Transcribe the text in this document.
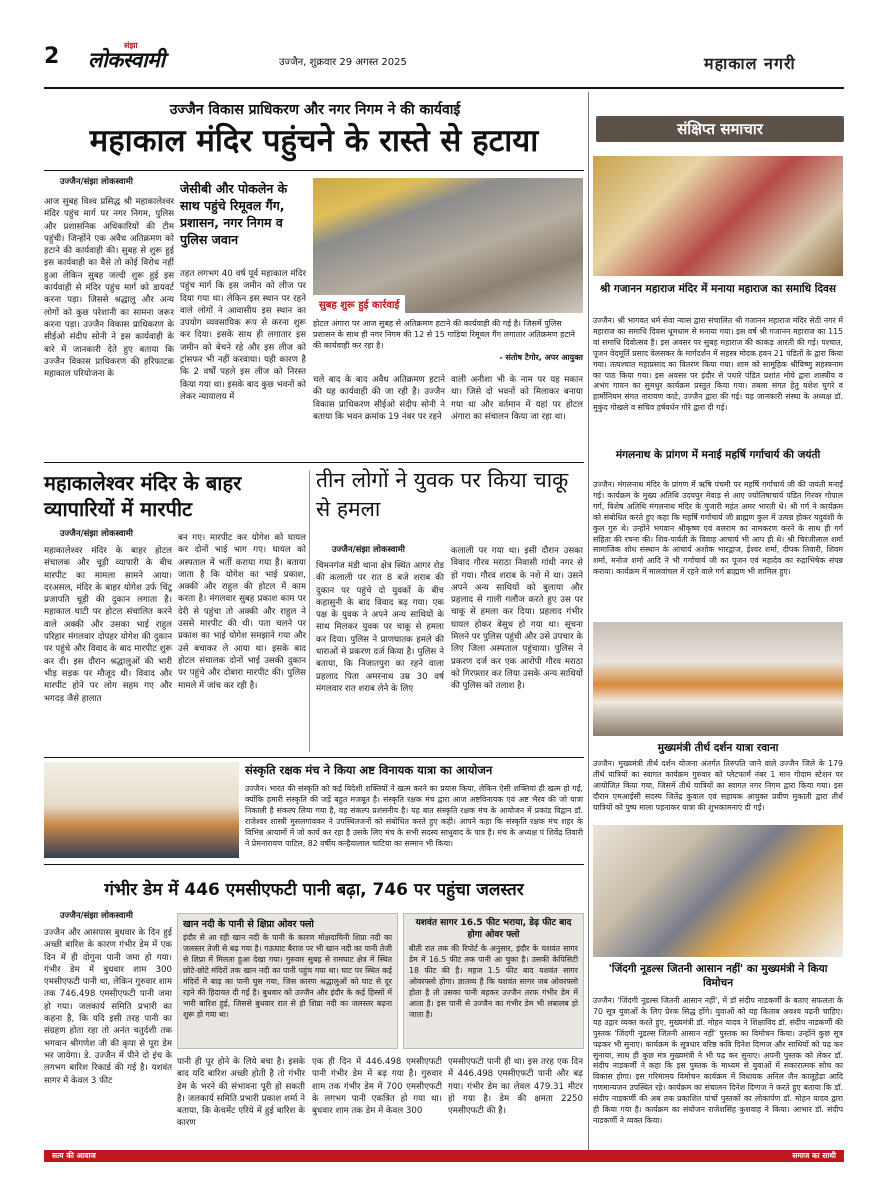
2	संझा
लोकस्वामी	उज्जैन, शुक्रवार 29 अगस्त 2025	महाकाल नगरी
उज्जैन विकास प्राधिकरण और नगर निगम ने की कार्यवाई
महाकाल मंदिर पहुंचने के रास्ते से हटाया
उज्जैन/संझा लोकस्वामी
आज सुबह विश्व प्रसिद्ध श्री महाकालेश्वर मंदिर पहुंच मार्ग पर नगर निगम, पुलिस और प्रशासनिक अधिकारियों की टीम पहुंची। जिन्होंने एक अवैध अतिक्रमण को हटाने की कार्यवाही की। सुबह से शुरू हुई इस कार्यवाही का वैसे तो कोई विरोध नहीं हुआ लेकिन सुबह जल्दी शुरू हुई इस कार्यवाही से मंदिर पहुंच मार्ग को डायवर्ट करना पड़ा। जिससे श्रद्धालु और अन्य लोगों को कुछ परेशानी का सामना जरूर करना पड़ा। उज्जैन विकास प्राधिकरण के सीईओ संदीप सोनी ने इस कार्यवाही के बारे में जानकारी देते हुए बताया कि उज्जैन विकास प्राधिकरण की हरिफाटक महाकाल परियोजना के
जेसीबी और पोकलेन के साथ पहुंचे रिमूवल गैंग, प्रशासन, नगर निगम व पुलिस जवान
तहत लगभग 40 वर्ष पूर्व महाकाल मंदिर पहुंच मार्ग कि इस जमीन को लीज पर दिया गया था। लेकिन इस स्थान पर रहने वाले लोगों ने आवासीय इस स्थान का उपयोग व्यवसायिक रूप से करना शुरू कर दिया। इसके साथ ही लगातार इस जमीन को बेचने रहे और इस लीज को ट्रांसफर भी नहीं करवाया। यही कारण है कि 2 वर्षों पहले इस लीज को निरस्त किया गया था। इसके बाद कुछ भवनों को लेकर न्यायालय में
सुबह शुरू हुई कार्रवाई
होटल अंगारा पर आज सुबह से अतिक्रमण हटाने की कार्यवाही की गई है। जिसमें पुलिस प्रशासन के साथ ही नगर निगम की 12 से 15 गाड़ियां रिमूवल गैंग लगातार अतिक्रमण हटाने की कार्यवाही कर रहा है।
- संतोष टैगोर, अपर आयुक्त
चले बाद के बाद अवैध अतिक्रमण हटाने की यह कार्यवाही की जा रही है। उज्जैन विकास प्राधिकरण सीईओ संदीप सोनी ने बताया कि भवन क्रमांक 19 नंबर पर रहने
वाली अनीशा भी के नाम पर यह मकान था। जिसे दो भवनों को मिलाकर बनाया गया था और वर्तमान में यहां पर होटल अंगारा का संचालन किया जा रहा था।
महाकालेश्वर मंदिर के बाहर व्यापारियों में मारपीट
उज्जैन/संझा लोकस्वामी
महाकालेश्वर मंदिर के बाहर होटल संचालक और चूड़ी व्यापारी के बीच मारपीट का मामला सामने आया। दरअसल, मंदिर के बाहर योगेश उर्फ चिंटू प्रजापति चूड़ी की दुकान लगाता है। महाकाल घाटी पर होटल संचालित करने वाले अक्की और उसका भाई राहुल परिहार मंगलवार दोपहर योगेश की दुकान पर पहुंचे और विवाद के बाद मारपीट शुरू कर दी। इस दौरान श्रद्धालुओं की भारी भीड़ सड़क पर मौजूद थी। विवाद और मारपीट होने पर लोग सहम गए और भगदड़ जैसे हालात
बन गए। मारपीट कर योगेश को घायल कर दोनों भाई भाग गए। घायल को अस्पताल में भर्ती कराया गया है। बताया जाता है कि योगेश का भाई प्रकाश, अक्की और राहुल की होटल में काम करता है। मंगलवार सुबह प्रकाश काम पर देरी से पहुंचा तो अक्की और राहुल ने उससे मारपीट की थी। पता चलने पर प्रकाश का भाई योगेश समझाने गया और उसे बचाकर ले आया था। इसके बाद होटल संचालक दोनों भाई उसकी दुकान पर पहुंचे और दोबारा मारपीट की। पुलिस मामले में जांच कर रही है।
तीन लोगों ने युवक पर किया चाकू से हमला
उज्जैन/संझा लोकस्वामी
चिमनगंज मंडी थाना क्षेत्र स्थित आगर रोड की कलाली पर रात 8 बजे शराब की दुकान पर पहुंचे दो युवकों के बीच कहासुनी के बाद विवाद बढ़ गया। एक पक्ष के युवक ने अपने अन्य साथियों के साथ मिलकर युवक पर चाकू से हमला कर दिया। पुलिस ने प्राणघातक हमले की धाराओं में प्रकरण दर्ज किया है। पुलिस ने बताया, कि निजातपुरा का रहने वाला प्रहलाद पिता अमरनाथ उम्र 30 वर्ष मंगलवार रात शराब लेने के लिए
कलाली पर गया था। इसी दौरान उसका विवाद गौरव मराठा निवासी गांधी नगर से हो गया। गौरव शराब के नशे में था। उसने अपने अन्य साथियों को बुलाया और प्रहलाद से गाली गलौज करते हुए उस पर चाकू से हमला कर दिया। प्रहलाद गंभीर घायल होकर बेसुध हो गया था। सूचना मिलने पर पुलिस पहुंची और उसे उपचार के लिए जिला अस्पताल पहुंचाया। पुलिस ने प्रकरण दर्ज कर एक आरोपी गौरव मराठा को गिरफ्तार कर लिया उसके अन्य साथियों की पुलिस को तलाश है।
संस्कृति रक्षक मंच ने किया अष्ट विनायक यात्रा का आयोजन
उज्जैन। भारत की संस्कृति को कई विदेशी शक्तियों ने खत्म करने का प्रयास किया, लेकिन ऐसी शक्तियां ही खत्म हो गईं, क्योंकि हमारी संस्कृति की जड़ें बहुत मजबूत है। संस्कृति रक्षक मंच द्वारा आज अष्टविनायक एवं अष्ट भैरव की जो यात्रा निकाली है संकल्प लिया गया है, वह संकल्प प्रशंसनीय है। यह बात संस्कृति रक्षक मंच के आयोजन में प्रकांड विद्वान डॉ. राजेश्वर शास्त्री मुसलगांवकर ने उपस्थितजनों को संबोधित करते हुए कही। आपने कहा कि संस्कृति रक्षक मंच शहर के विभिन्न आयामों में जो कार्य कर रहा है उसके लिए मंच के सभी सदस्य साधुवाद के पात्र है। मंच के अध्यक्ष पं शिवेंद्र तिवारी ने प्रेमनारायण पाटिल, 82 वर्षीय कन्हैयालाल चाटिया का सम्मान भी किया।
गंभीर डेम में 446 एमसीएफटी पानी बढ़ा, 746 पर पहुंचा जलस्तर
उज्जैन/संझा लोकस्वामी
उज्जैन और आसपास बुधवार के दिन हुई अच्छी बारिश के कारण गंभीर डेम में एक दिन में ही दोगुना पानी जमा हो गया। गंभीर डेम में बुधवार शाम 300 एमसीएफटी पानी था, लेकिन गुरुवार शाम तक 746.498 एमसीएफटी पानी जमा हो गया। जलकार्य समिति प्रभारी का कहना है, कि यदि इसी तरह पानी का संग्रहण होता रहा तो अनंत चतुर्दशी तक भगवान श्रीगणेश जी की कृपा से पूरा डेम भर जायेगा। डे. उज्जैन में पीने दो इंच के लगभग बारिश रिकार्ड की गई है। यशवंत सागर में केवल 3 फीट
खान नदी के पानी से क्षिप्रा ओवर फ्लो
इंदौर से आ रही खान नदी के पानी के कारण मोक्षदायिनी शिप्रा नदी का जलस्तर तेजी से बढ़ गया है। गऊघाट बैराज पर भी खान नदी का पानी तेजी से शिप्रा में मिलता हुआ देखा गया। गुरुवार सुबह से रामघाट क्षेत्र में स्थित छोटे-छोटे मंदिरों तक खान नदी का पानी पहुंच गया था। घाट पर स्थित कई मंदिरों में बाढ़ का पानी घुस गया, जिस कारण श्रद्धालुओं को घाट से दूर रहने की हिदायत दी गई है। बुधवार को उज्जैन और इंदौर के कई हिस्सों में भारी बारिश हुई, जिससे बुधवार रात से ही शिप्रा नदी का जलस्तर बढ़ना शुरू हो गया था।
यशवंत सागर 16.5 फीट भराया, डेढ़ फीट बाद होगा ओवर फ्लो
बीती रात तक की रिपोर्ट के अनुसार, इंदौर के यशवंत सागर डेम में 16.5 फीट तक पानी आ चुका है। उसकी केपिसिटी 18 फीट की है। महज 1.5 फीट बाद यशवंत सागर ओवरफ्लो होगा। ज्ञातव्य है कि यशवंत सागर जब ओवरफ्लो होता है तो उसका पानी बहकर उज्जैन तरफ गंभीर डेम में आता है। इस पानी से उज्जैन का गंभीर डेम भी लबालब हो जाता है।
पानी ही पूर होने के लिये बचा है। इसके बाद यदि बारिश अच्छी होती है तो गंभीर डेम के भरने की संभावना पूरी हो सकती है। जलकार्य समिति प्रभारी प्रकाश शर्मा ने बताया, कि केचमेंट एरिये में हुई बारिश के कारण
एक ही दिन में 446.498 एमसीएफटी पानी गंभीर डेम में बढ़ गया है। गुरुवार शाम तक गंभीर डेम में 700 एमसीएफटी के लगभग पानी एकत्रित हो गया था। बुधवार शाम तक डेम में केवल 300
एमसीएफटी पानी ही था। इस तरह एक दिन में 446.498 एमसीएफटी पानी और बढ़ गया। गंभीर डेम का लेवल 479.31 मीटर हो गया है। डेम की क्षमता 2250 एमसीएफटी की है।
संक्षिप्त समाचार
श्री गजानन महाराज मंदिर में मनाया महाराज का समाधि दिवस
उज्जैन। श्री भागवत धर्म सेवा न्यास द्वारा संचालित श्री गजानन महाराज मंदिर सेठी नगर में महाराज का समाधि दिवस धूमधाम से मनाया गया। इस वर्ष श्री गजानन महाराज का 115 वां समाधि दिवोत्सव है। इस अवसर पर सुबह महाराज की काकड़ आरती की गई। पश्चात, पूजन वेदमूर्ति प्रसाद वेलसकर के मार्गदर्शन में सहस्त्र मोदक हवन 21 पंडितों के द्वारा किया गया। तत्पश्चात महाप्रसाद का वितरण किया गया। शाम को सामूहिक श्रीविष्णु सहस्त्रनाम का पाठ किया गया। इस अवसर पर इंदौर से पधारे पंडित प्रशांत मोघे द्वारा शास्त्रीय व अभंग गायन का सुमधुर कार्यक्रम प्रस्तुत किया गया। तबला संगत हेतु यशेश घुगरे व हार्मोनियम संगत नारायण काटे, उज्जैन द्वारा की गई। यह जानकारी संस्था के अध्यक्ष डॉ. मुकुंद गोखले व सचिव हर्षवर्धन गोरे द्वारा दी गई।
मंगलनाथ के प्रांगण में मनाई महर्षि गर्गाचार्य की जयंती
उज्जैन। मंगलनाथ मंदिर के प्रांगण में ऋषि पंचमी पर महर्षि गर्गाचार्य जी की जयंती मनाई गई। कार्यक्रम के मुख्य अतिथि उदयपुर मेवाड़ से आए ज्योतिषाचार्य पंडित गिरवर गोपाल गर्ग, विशेष अतिथि मंगलनाथ मंदिर के पुजारी महंत अमर भारती थे। श्री गर्ग ने कार्यक्रम को संबोधित करते हुए कहा कि महर्षि गर्गाचार्य जी ब्राह्मण कुल में उत्पन्न होकर यदुवंशी के कुल गुरु थे। उन्होंने भगवान श्रीकृष्ण एवं बलराम का नामकरण करने के साथ ही गर्ग संहिता की रचना की। शिव-पार्वती के विवाह आचार्य भी आप ही थे। श्री चिरंजीलाल शर्मा सामाजिक शोध संस्थान के आचार्य अशोक भारद्वाज, ईश्वर शर्मा, दीपक तिवारी, शिवम शर्मा, मनोज शर्मा आदि ने भी गर्गाचार्य जी का पूजन एवं महादेव का रुद्राभिषेक संपन्न कराया। कार्यक्रम में मालवांचल में रहने वाले गर्ग ब्राह्मण भी शामिल हुए।
मुख्यमंत्री तीर्थ दर्शन यात्रा रवाना
उज्जैन। मुख्यमंत्री तीर्थ दर्शन योजना अंतर्गत तिरुपति जाने वाले उज्जैन जिले के 179 तीर्थ यात्रियों का स्वागत कार्यक्रम गुरुवार को प्लेटफार्म नंबर 1 मान गोदाम स्टेशन पर आयोजित किया गया, जिसमें तीर्थ यात्रियों का स्वागत नगर निगम द्वारा किया गया। इस दौरान एमआईसी सदस्य जितेंद्र कुवाल एवं सहायक आयुक्त प्रवीण मुकाती द्वारा तीर्थ यात्रियों को पुष्प माला पहनाकर यात्रा की शुभकामनाएं दी गईं।
'जिंदगी नूडल्स जितनी आसान नहीं' का मुख्यमंत्री ने किया विमोचन
उज्जैन। 'जिंदगी नूडल्स जितनी आसान नहीं', में डॉ संदीप नाडकर्णी के बताए सफलता के 70 सूत्र युवाओं के लिए प्रेरक सिद्ध होंगे। युवाओं को यह किताब अवश्य पढ़नी चाहिए। यह उद्गार व्यक्त करते हुए, मुख्यमंत्री डॉ. मोहन यादव ने शिक्षाविद डॉ. संदीप नाडकर्णी की पुस्तक 'जिंदगी नूडल्स जितनी आसान नहीं' पुस्तक का विमोचन किया। उन्होंने कुछ सूत्र पढ़कर भी सुनाए। कार्यक्रम के सूत्रधार वरिष्ठ कवि दिनेश दिग्गज और साथियों को पढ़ कर सुनाया, साथ ही कुछ मंत्र मुख्यमंत्री ने भी पढ़ कर सुनाए। अपनी पुस्तक को लेकर डॉ. संदीप नाडकर्णी ने कहा कि इस पुस्तक के माध्यम से युवाओं में सकारात्मक सोच का विकास होगा। इस गरिमामय विमोचन कार्यक्रम में विधायक अनिल जैन कालूहेड़ा आदि गणमान्यजन उपस्थित रहे। कार्यक्रम का संचालन दिनेश दिग्गज ने करते हुए बताया कि डॉ. संदीप नाडकर्णी की अब तक प्रकाशित पांचों पुस्तकों का लोकार्पण डॉ. मोहन यादव द्वारा ही किया गया है। कार्यक्रम का संयोजन राजेशसिंह कुशवाह ने किया। आभार डॉ. संदीप नाडकर्णी ने व्यक्त किया।
सत्य की आवाज	समाज का साथी
